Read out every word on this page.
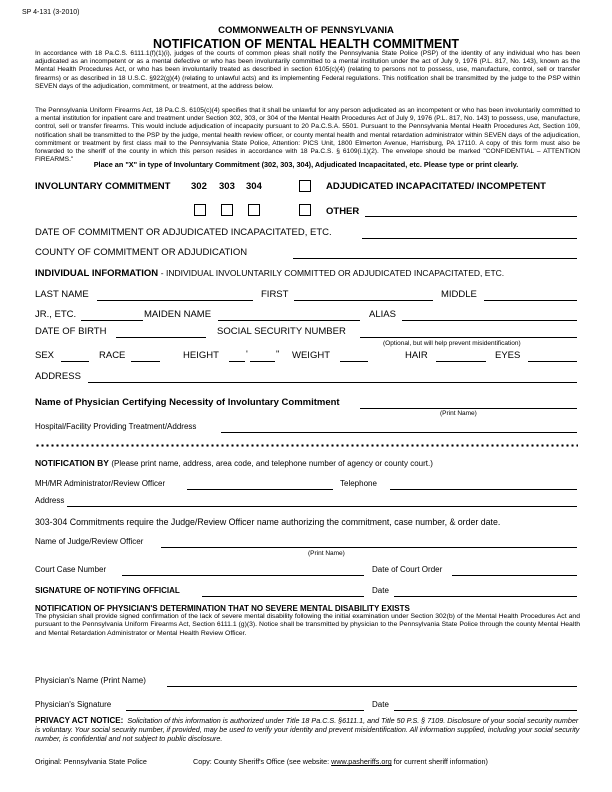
SP 4-131 (3-2010)
COMMONWEALTH OF PENNSYLVANIA
NOTIFICATION OF MENTAL HEALTH COMMITMENT
In accordance with 18 Pa.C.S. 6111.1(f)(1)(i), judges of the courts of common pleas shall notify the Pennsylvania State Police (PSP) of the identity of any individual who has been adjudicated as an incompetent or as a mental defective or who has been involuntarily committed to a mental institution under the act of July 9, 1976 (P.L. 817, No. 143), known as the Mental Health Procedures Act, or who has been involuntarily treated as described in section 6105(c)(4) (relating to persons not to possess, use, manufacture, control, sell or transfer firearms) or as described in 18 U.S.C. §922(g)(4) (relating to unlawful acts) and its implementing Federal regulations. This notification shall be transmitted by the judge to the PSP within SEVEN days of the adjudication, commitment, or treatment, at the address below.
The Pennsylvania Uniform Firearms Act, 18 Pa.C.S. 6105(c)(4) specifies that it shall be unlawful for any person adjudicated as an incompetent or who has been involuntarily committed to a mental institution for inpatient care and treatment under Section 302, 303, or 304 of the Mental Health Procedures Act of July 9, 1976 (P.L. 817, No. 143) to possess, use, manufacture, control, sell or transfer firearms. This would include adjudication of incapacity pursuant to 20 Pa.C.S.A. 5501. Pursuant to the Pennsylvania Mental Health Procedures Act, Section 109, notification shall be transmitted to the PSP by the judge, mental health review officer, or county mental health and mental retardation administrator within SEVEN days of the adjudication, commitment or treatment by first class mail to the Pennsylvania State Police, Attention: PICS Unit, 1800 Elmerton Avenue, Harrisburg, PA 17110. A copy of this form must also be forwarded to the sheriff of the county in which this person resides in accordance with 18 Pa.C.S. § 6109(i.1)(2). The envelope should be marked "CONFIDENTIAL – ATTENTION FIREARMS."
Place an "X" in type of Involuntary Commitment (302, 303, 304), Adjudicated Incapacitated, etc. Please type or print clearly.
INVOLUNTARY COMMITMENT 302 303 304	ADJUDICATED INCAPACITATED/ INCOMPETENT
OTHER
DATE OF COMMITMENT OR ADJUDICATED INCAPACITATED, ETC.
COUNTY OF COMMITMENT OR ADJUDICATION
INDIVIDUAL INFORMATION - INDIVIDUAL INVOLUNTARILY COMMITTED OR ADJUDICATED INCAPACITATED, ETC.
LAST NAME	FIRST	MIDDLE
JR., ETC.	MAIDEN NAME	ALIAS
DATE OF BIRTH	SOCIAL SECURITY NUMBER
(Optional, but will help prevent misidentification)
SEX	RACE	HEIGHT	'	" WEIGHT	HAIR	EYES
ADDRESS
Name of Physician Certifying Necessity of Involuntary Commitment
(Print Name)
Hospital/Facility Providing Treatment/Address
NOTIFICATION BY (Please print name, address, area code, and telephone number of agency or county court.)
MH/MR Administrator/Review Officer	Telephone
Address
303-304 Commitments require the Judge/Review Officer name authorizing the commitment, case number, & order date.
Name of Judge/Review Officer
(Print Name)
Court Case Number	Date of Court Order
SIGNATURE OF NOTIFYING OFFICIAL	Date
NOTIFICATION OF PHYSICIAN'S DETERMINATION THAT NO SEVERE MENTAL DISABILITY EXISTS
The physician shall provide signed confirmation of the lack of severe mental disability following the initial examination under Section 302(b) of the Mental Health Procedures Act and pursuant to the Pennsylvania Uniform Firearms Act, Section 6111.1 (g)(3). Notice shall be transmitted by physician to the Pennsylvania State Police through the county Mental Health and Mental Retardation Administrator or Mental Health Review Officer.
Physician's Name (Print Name)
Physician's Signature	Date
PRIVACY ACT NOTICE: Solicitation of this information is authorized under Title 18 Pa.C.S. §6111.1, and Title 50 P.S. § 7109. Disclosure of your social security number is voluntary. Your social security number, if provided, may be used to verify your identity and prevent misidentification. All information supplied, including your social security number, is confidential and not subject to public disclosure.
Original: Pennsylvania State Police	Copy: County Sheriff's Office (see website: www.pasheriffs.org for current sheriff information)
